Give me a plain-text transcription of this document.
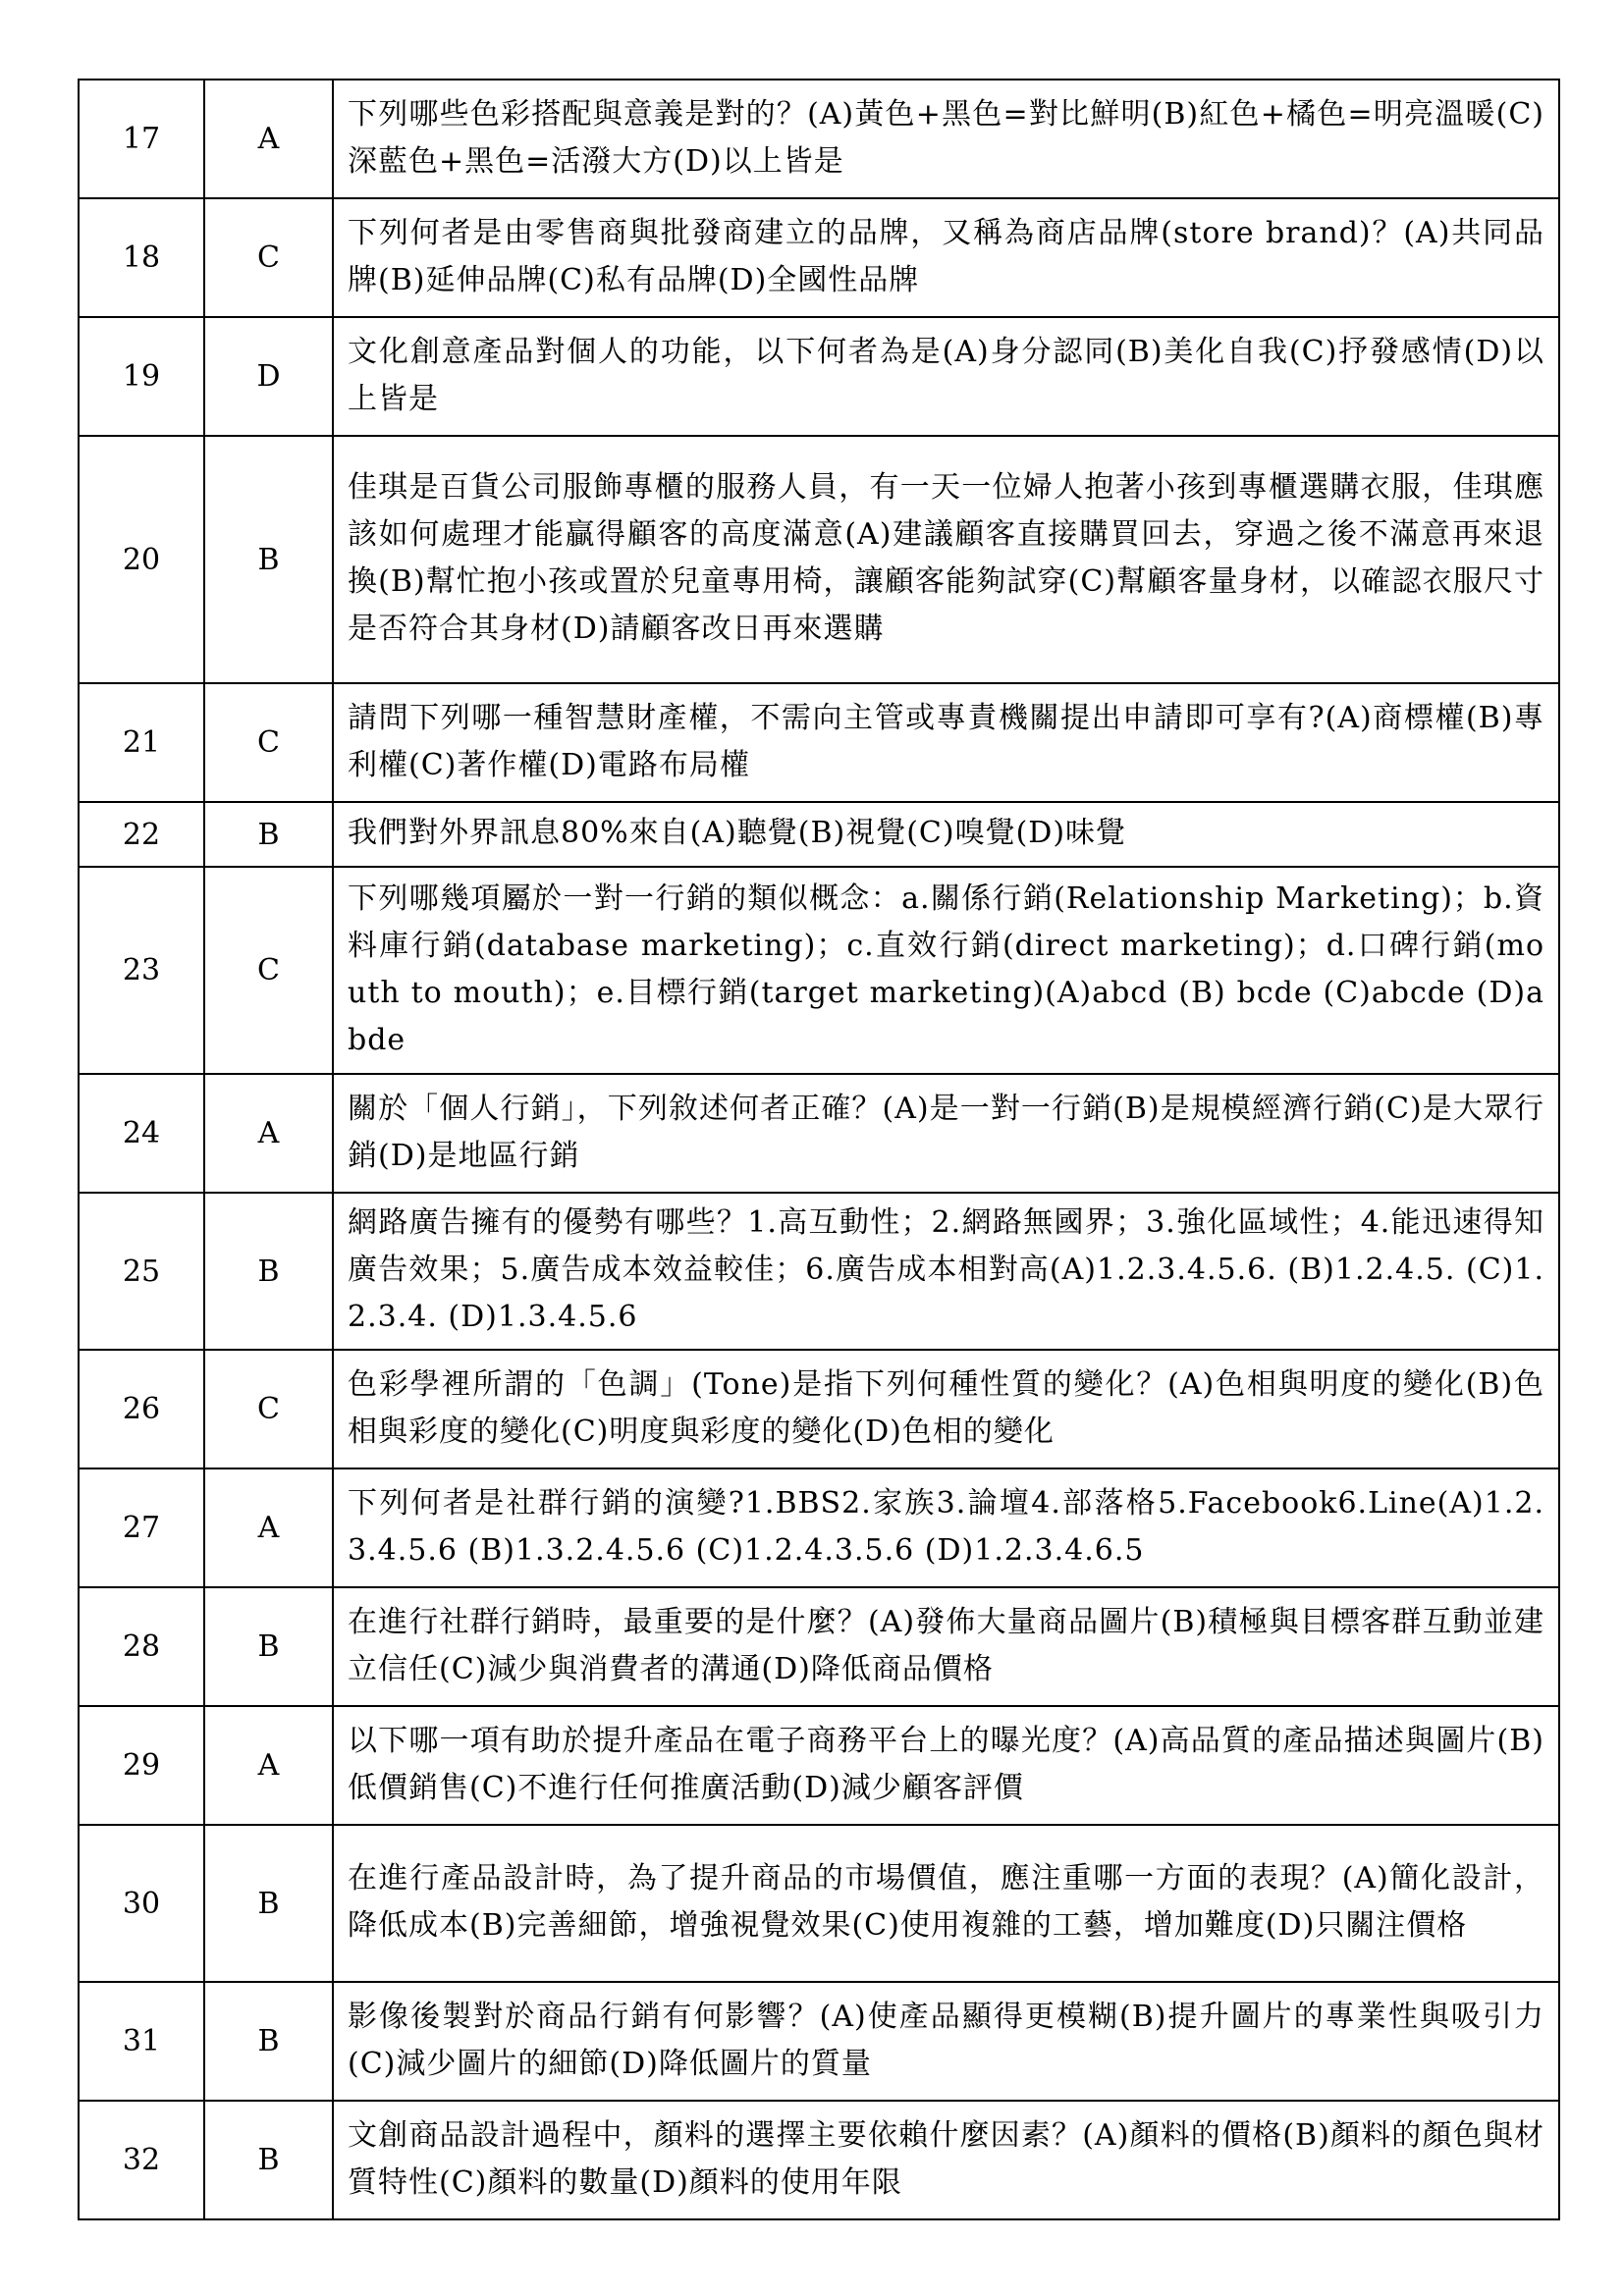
17	A	下列哪些色彩搭配與意義是對的？(A)黃色+黑色=對比鮮明(B)紅色+橘色=明亮溫暖(C)深藍色+黑色=活潑大方(D)以上皆是
18	C	下列何者是由零售商與批發商建立的品牌，又稱為商店品牌(store brand)？(A)共同品牌(B)延伸品牌(C)私有品牌(D)全國性品牌
19	D	文化創意產品對個人的功能，以下何者為是(A)身分認同(B)美化自我(C)抒發感情(D)以上皆是
20	B	佳琪是百貨公司服飾專櫃的服務人員，有一天一位婦人抱著小孩到專櫃選購衣服，佳琪應該如何處理才能贏得顧客的高度滿意(A)建議顧客直接購買回去，穿過之後不滿意再來退換(B)幫忙抱小孩或置於兒童專用椅，讓顧客能夠試穿(C)幫顧客量身材，以確認衣服尺寸是否符合其身材(D)請顧客改日再來選購
21	C	請問下列哪一種智慧財產權，不需向主管或專責機關提出申請即可享有?(A)商標權(B)專利權(C)著作權(D)電路布局權
22	B	我們對外界訊息80%來自(A)聽覺(B)視覺(C)嗅覺(D)味覺
23	C	下列哪幾項屬於一對一行銷的類似概念：a.關係行銷(Relationship Marketing)；b.資料庫行銷(database marketing)；c.直效行銷(direct marketing)；d.口碑行銷(mouth to mouth)；e.目標行銷(target marketing)(A)abcd (B) bcde (C)abcde (D)abde
24	A	關於「個人行銷」，下列敘述何者正確？(A)是一對一行銷(B)是規模經濟行銷(C)是大眾行銷(D)是地區行銷
25	B	網路廣告擁有的優勢有哪些？1.高互動性；2.網路無國界；3.強化區域性；4.能迅速得知廣告效果；5.廣告成本效益較佳；6.廣告成本相對高(A)1.2.3.4.5.6. (B)1.2.4.5. (C)1.2.3.4. (D)1.3.4.5.6
26	C	色彩學裡所謂的「色調」(Tone)是指下列何種性質的變化？(A)色相與明度的變化(B)色相與彩度的變化(C)明度與彩度的變化(D)色相的變化
27	A	下列何者是社群行銷的演變?1.BBS2.家族3.論壇4.部落格5.Facebook6.Line(A)1.2.3.4.5.6 (B)1.3.2.4.5.6 (C)1.2.4.3.5.6 (D)1.2.3.4.6.5
28	B	在進行社群行銷時，最重要的是什麼？(A)發佈大量商品圖片(B)積極與目標客群互動並建立信任(C)減少與消費者的溝通(D)降低商品價格
29	A	以下哪一項有助於提升產品在電子商務平台上的曝光度？(A)高品質的產品描述與圖片(B)低價銷售(C)不進行任何推廣活動(D)減少顧客評價
30	B	在進行產品設計時，為了提升商品的市場價值，應注重哪一方面的表現？(A)簡化設計，降低成本(B)完善細節，增強視覺效果(C)使用複雜的工藝，增加難度(D)只關注價格
31	B	影像後製對於商品行銷有何影響？(A)使產品顯得更模糊(B)提升圖片的專業性與吸引力(C)減少圖片的細節(D)降低圖片的質量
32	B	文創商品設計過程中，顏料的選擇主要依賴什麼因素？(A)顏料的價格(B)顏料的顏色與材質特性(C)顏料的數量(D)顏料的使用年限
